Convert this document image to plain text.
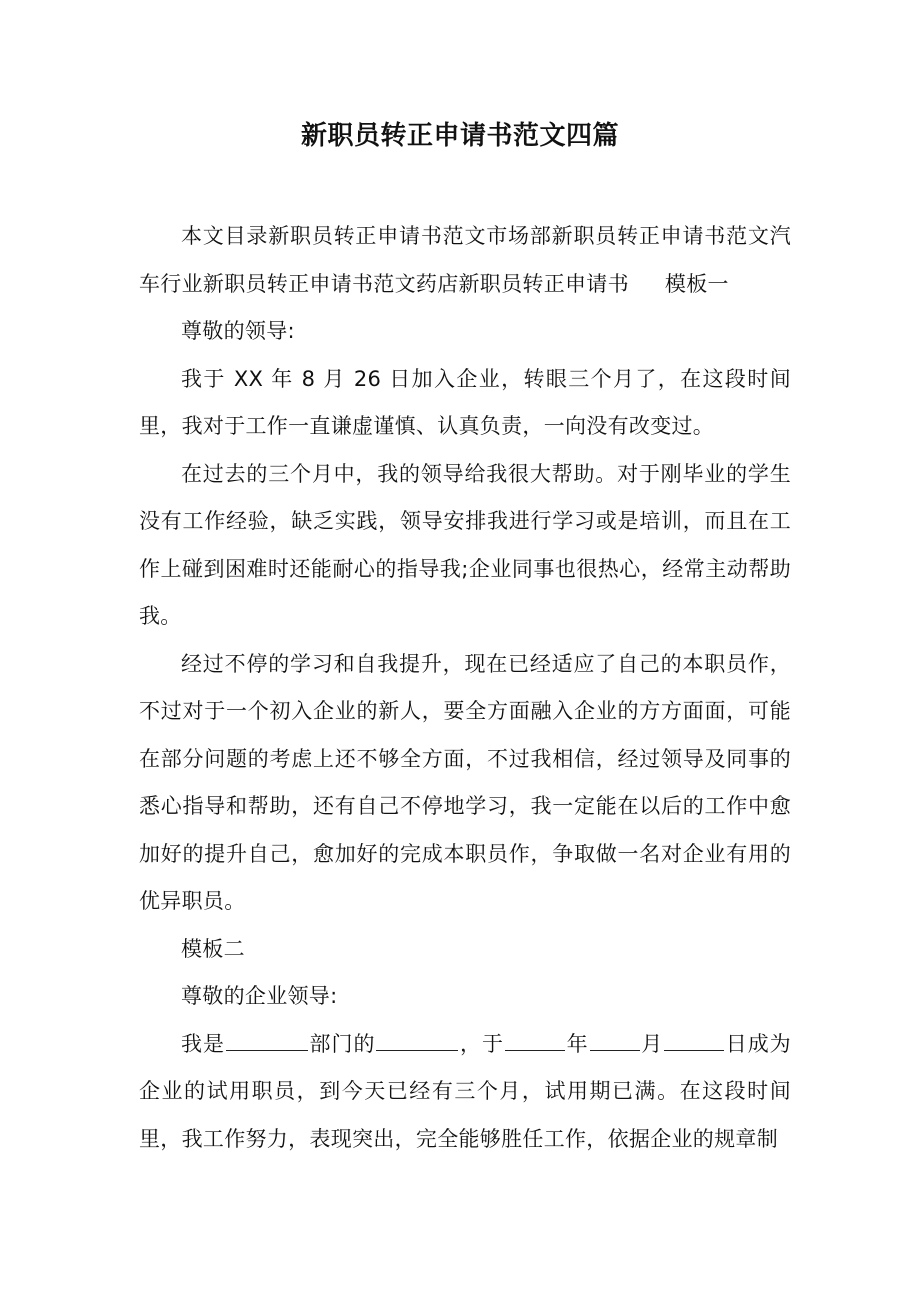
新职员转正申请书范文四篇

本文目录新职员转正申请书范文市场部新职员转正申请书范文汽车行业新职员转正申请书范文药店新职员转正申请书 模板一

尊敬的领导:

我于 XX 年 8 月 26 日加入企业，转眼三个月了，在这段时间里，我对于工作一直谦虚谨慎、认真负责，一向没有改变过。

在过去的三个月中，我的领导给我很大帮助。对于刚毕业的学生没有工作经验，缺乏实践，领导安排我进行学习或是培训，而且在工作上碰到困难时还能耐心的指导我;企业同事也很热心，经常主动帮助我。

经过不停的学习和自我提升，现在已经适应了自己的本职员作，不过对于一个初入企业的新人，要全方面融入企业的方方面面，可能在部分问题的考虑上还不够全方面，不过我相信，经过领导及同事的悉心指导和帮助，还有自己不停地学习，我一定能在以后的工作中愈加好的提升自己，愈加好的完成本职员作，争取做一名对企业有用的优异职员。

模板二

尊敬的企业领导:

我是	部门的	，于	年 月	日成为企业的试用职员，到今天已经有三个月，试用期已满。在这段时间里，我工作努力，表现突出，完全能够胜任工作，依据企业的规章制
